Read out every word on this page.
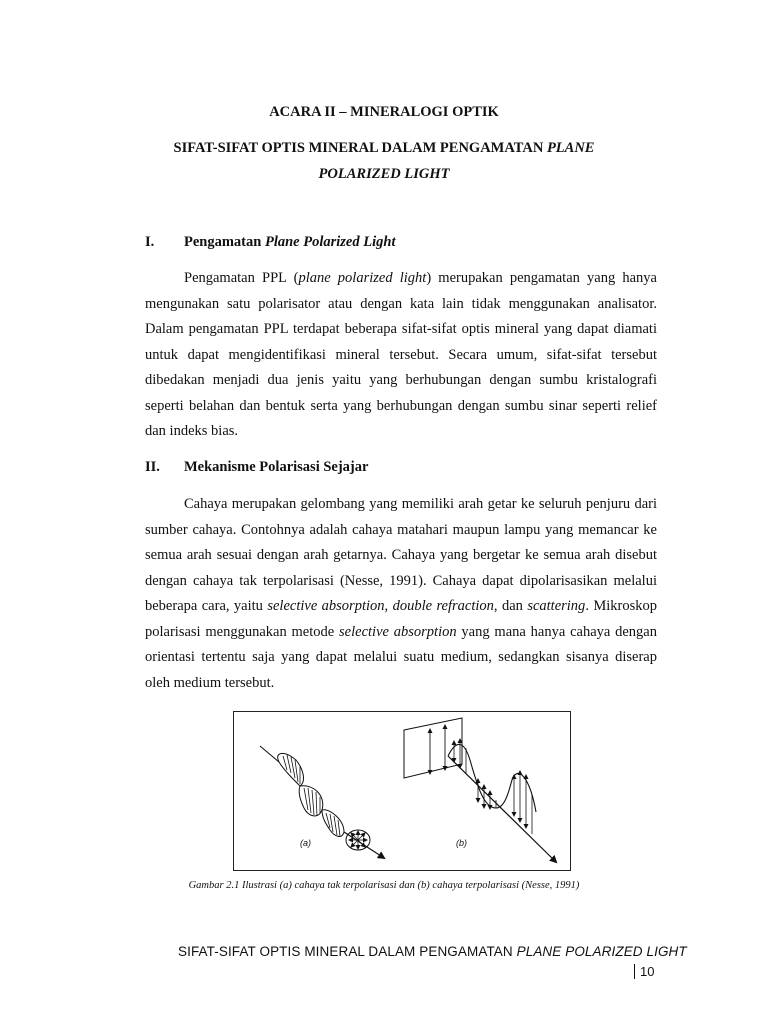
ACARA II – MINERALOGI OPTIK
SIFAT-SIFAT OPTIS MINERAL DALAM PENGAMATAN PLANE
POLARIZED LIGHT
I. Pengamatan Plane Polarized Light

Pengamatan PPL (plane polarized light) merupakan pengamatan yang hanya mengunakan satu polarisator atau dengan kata lain tidak menggunakan analisator. Dalam pengamatan PPL terdapat beberapa sifat-sifat optis mineral yang dapat diamati untuk dapat mengidentifikasi mineral tersebut. Secara umum, sifat-sifat tersebut dibedakan menjadi dua jenis yaitu yang berhubungan dengan sumbu kristalografi seperti belahan dan bentuk serta yang berhubungan dengan sumbu sinar seperti relief dan indeks bias.

II. Mekanisme Polarisasi Sejajar

Cahaya merupakan gelombang yang memiliki arah getar ke seluruh penjuru dari sumber cahaya. Contohnya adalah cahaya matahari maupun lampu yang memancar ke semua arah sesuai dengan arah getarnya. Cahaya yang bergetar ke semua arah disebut dengan cahaya tak terpolarisasi (Nesse, 1991). Cahaya dapat dipolarisasikan melalui beberapa cara, yaitu selective absorption, double refraction, dan scattering. Mikroskop polarisasi menggunakan metode selective absorption yang mana hanya cahaya dengan orientasi tertentu saja yang dapat melalui suatu medium, sedangkan sisanya diserap oleh medium tersebut.

(a)	(b)
Gambar 2.1 Ilustrasi (a) cahaya tak terpolarisasi dan (b) cahaya terpolarisasi (Nesse, 1991)
SIFAT-SIFAT OPTIS MINERAL DALAM PENGAMATAN PLANE POLARIZED LIGHT
10
